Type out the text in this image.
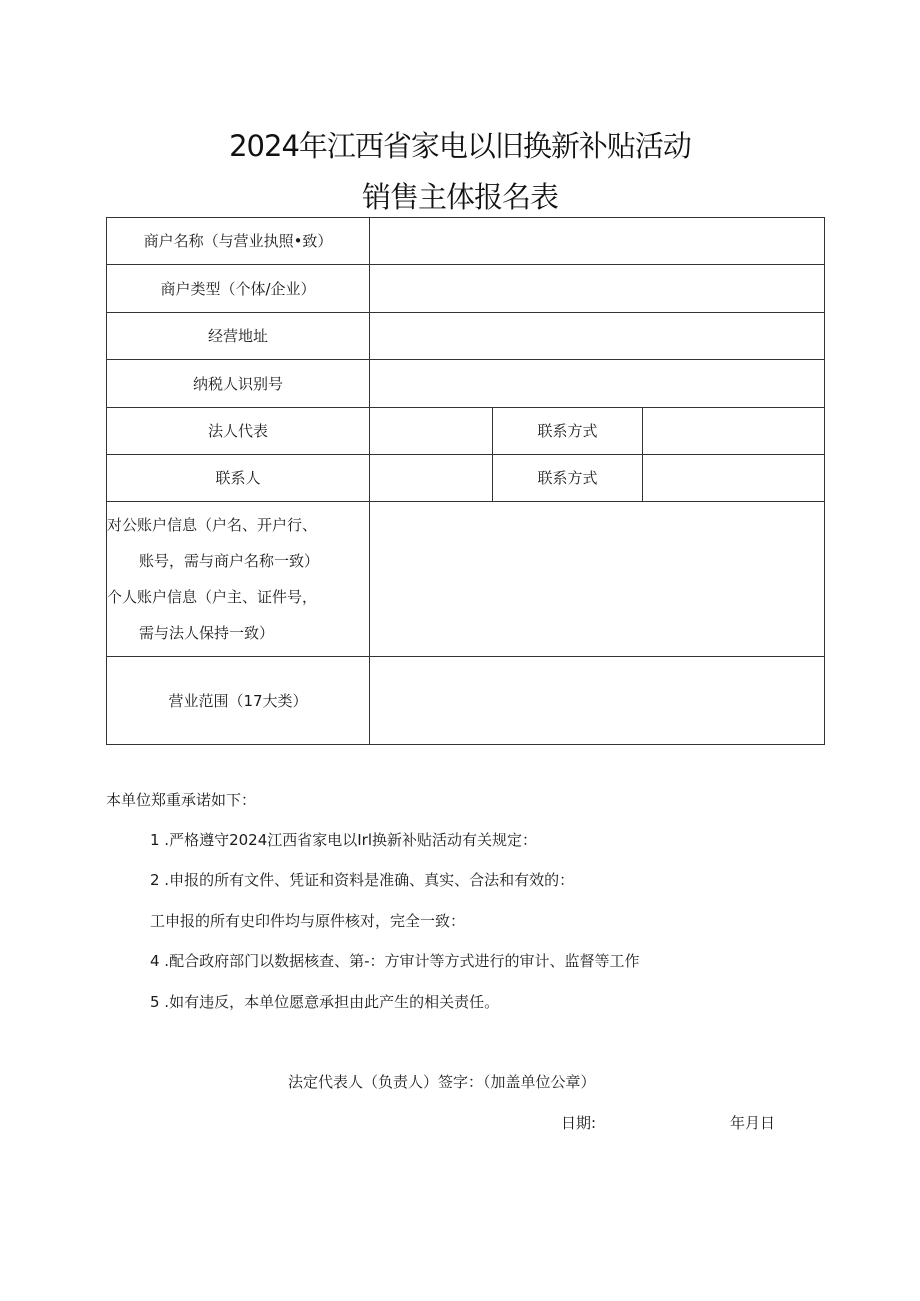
2024年江西省家电以旧换新补贴活动
销售主体报名表
商户名称（与营业执照•致）			
商户类型（个体/企业）			
经营地址			
纳税人识别号			
法人代表		联系方式	
联系人		联系方式	

对公账户信息（户名、开户行、
账号，需与商户名称一致）
个人账户信息（户主、证件号，
需与法人保持一致）			

营业范围（17大类）			
本单位郑重承诺如下：
1 .严格遵守2024江西省家电以Irl换新补贴活动有关规定：
2 .申报的所有文件、凭证和资料是准确、真实、合法和有效的：
工申报的所有史印件均与原件核对，完全一致：
4 .配合政府部门以数据核查、第-：方审计等方式进行的审计、监督等工作
5 .如有违反，本单位愿意承担由此产生的相关责任。
法定代表人（负责人）签字：（加盖单位公章）
日期:	年月日
